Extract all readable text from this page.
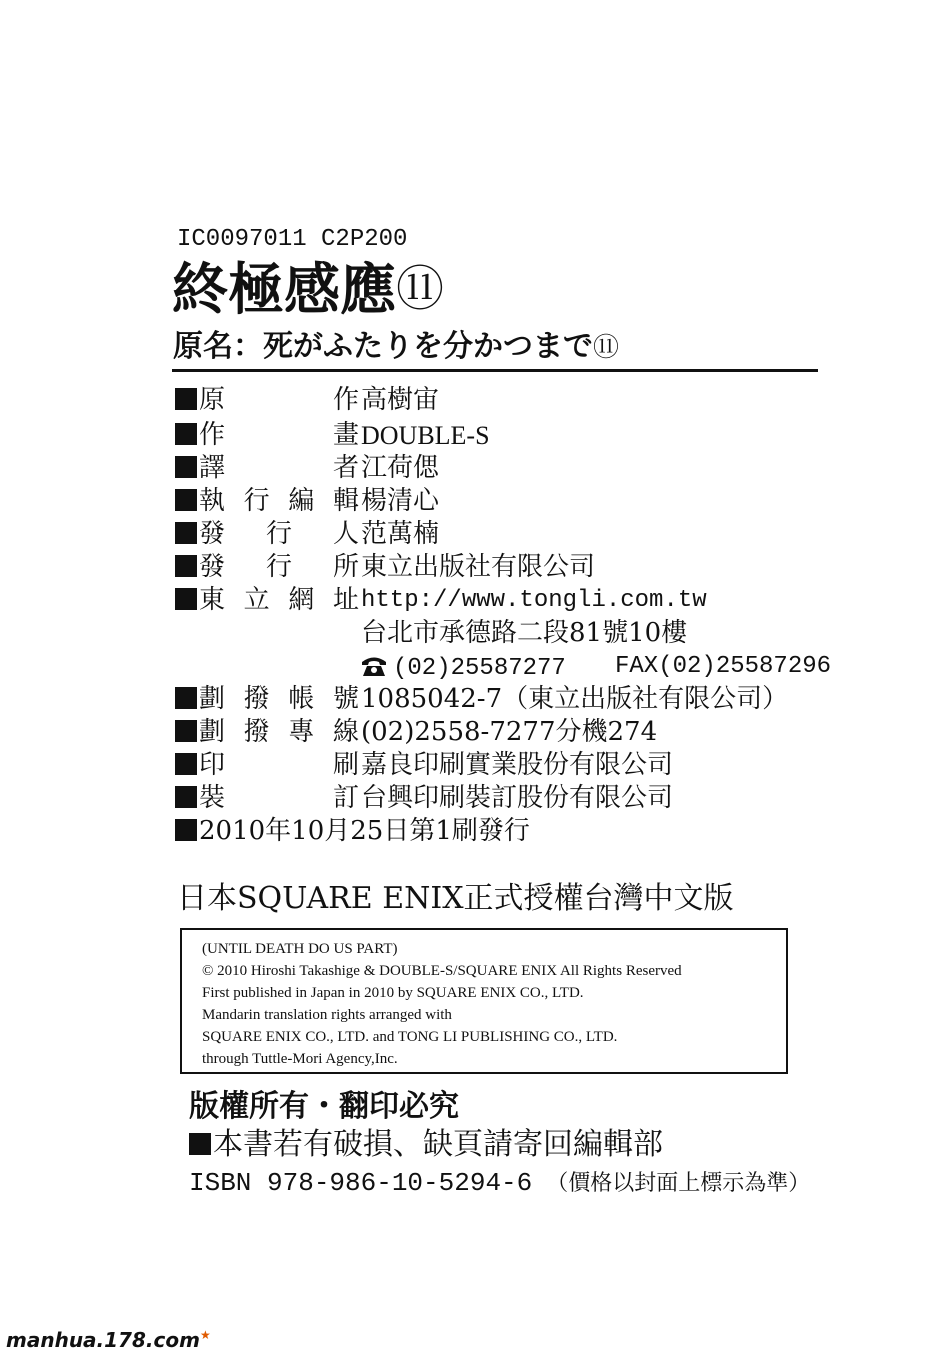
IC0097011 C2P200
終極感應⑪
原名：死がふたりを分かつまで⑪
原作 高樹宙
作畫 DOUBLE-S
譯者 江荷偲
執行編輯 楊清心
發行人 范萬楠
發行所 東立出版社有限公司
東立網址 http://www.tongli.com.tw
台北市承德路二段81號10樓
(02)25587277 FAX(02)25587296
劃撥帳號 1085042-7（東立出版社有限公司）
劃撥專線 (02)2558-7277分機274
印刷 嘉良印刷實業股份有限公司
裝訂 台興印刷裝訂股份有限公司
2010年10月25日第1刷發行
日本SQUARE ENIX正式授權台灣中文版
(UNTIL DEATH DO US PART)
© 2010 Hiroshi Takashige & DOUBLE-S/SQUARE ENIX All Rights Reserved
First published in Japan in 2010 by SQUARE ENIX CO., LTD.
Mandarin translation rights arranged with
SQUARE ENIX CO., LTD. and TONG LI PUBLISHING CO., LTD.
through Tuttle-Mori Agency,Inc.
版權所有・翻印必究
本書若有破損、缺頁請寄回編輯部
ISBN 978-986-10-5294-6 （價格以封面上標示為準）
manhua.178.com★
